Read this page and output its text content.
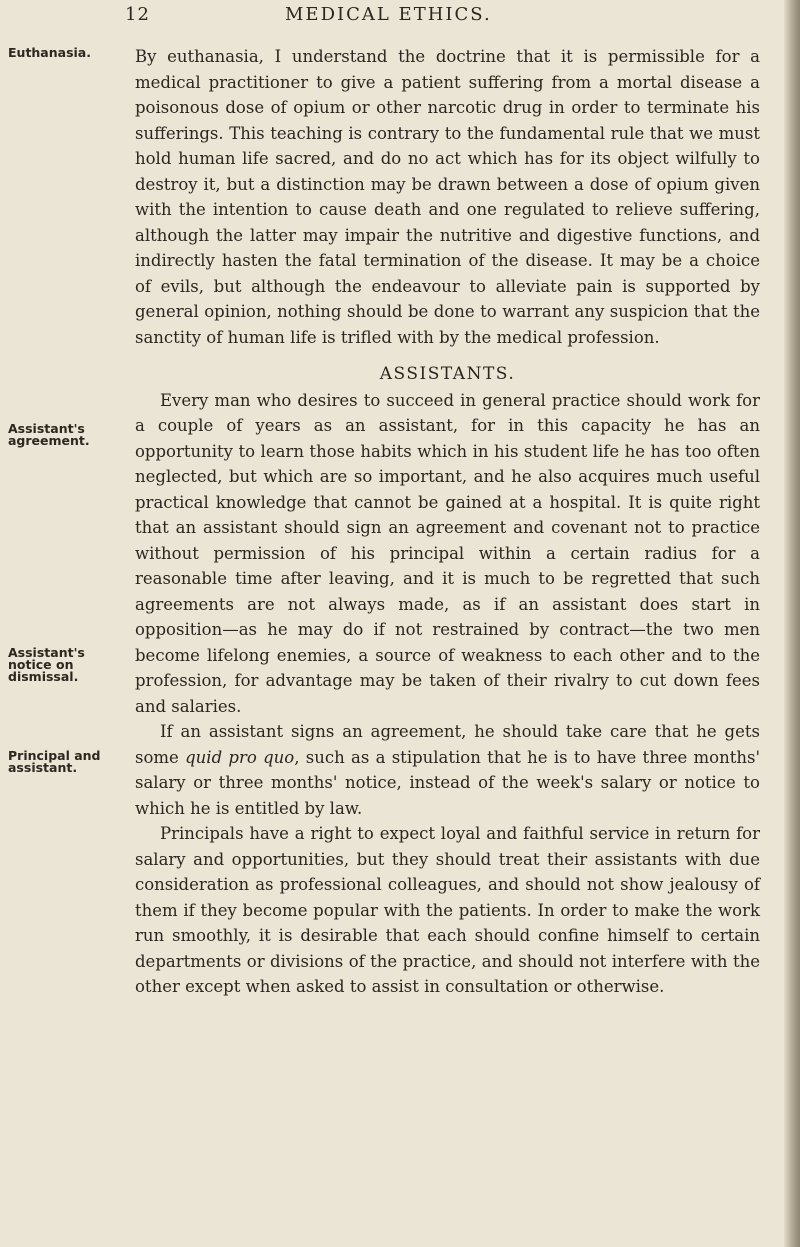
12	MEDICAL ETHICS.
Euthanasia.
Assistant's
agreement.
Assistant's
notice on
dismissal.
Principal and
assistant.

By euthanasia, I understand the doctrine that it is permissible for a medical practitioner to give a patient suffering from a mortal disease a poisonous dose of opium or other narcotic drug in order to terminate his sufferings. This teaching is contrary to the fundamental rule that we must hold human life sacred, and do no act which has for its object wilfully to destroy it, but a distinction may be drawn between a dose of opium given with the intention to cause death and one regulated to relieve suffering, although the latter may impair the nutritive and digestive functions, and indirectly hasten the fatal termination of the disease. It may be a choice of evils, but although the endeavour to alleviate pain is supported by general opinion, nothing should be done to warrant any suspicion that the sanctity of human life is trifled with by the medical profession.

ASSISTANTS.

Every man who desires to succeed in general practice should work for a couple of years as an assistant, for in this capacity he has an opportunity to learn those habits which in his student life he has too often neglected, but which are so important, and he also acquires much useful practical knowledge that cannot be gained at a hospital. It is quite right that an assistant should sign an agreement and covenant not to practice without permission of his principal within a certain radius for a reasonable time after leaving, and it is much to be regretted that such agreements are not always made, as if an assistant does start in opposition—as he may do if not restrained by contract—the two men become lifelong enemies, a source of weakness to each other and to the profession, for advantage may be taken of their rivalry to cut down fees and salaries.

If an assistant signs an agreement, he should take care that he gets some quid pro quo, such as a stipulation that he is to have three months' salary or three months' notice, instead of the week's salary or notice to which he is entitled by law.

Principals have a right to expect loyal and faithful service in return for salary and opportunities, but they should treat their assistants with due consideration as professional colleagues, and should not show jealousy of them if they become popular with the patients. In order to make the work run smoothly, it is desirable that each should confine himself to certain departments or divisions of the practice, and should not interfere with the other except when asked to assist in consultation or otherwise.
